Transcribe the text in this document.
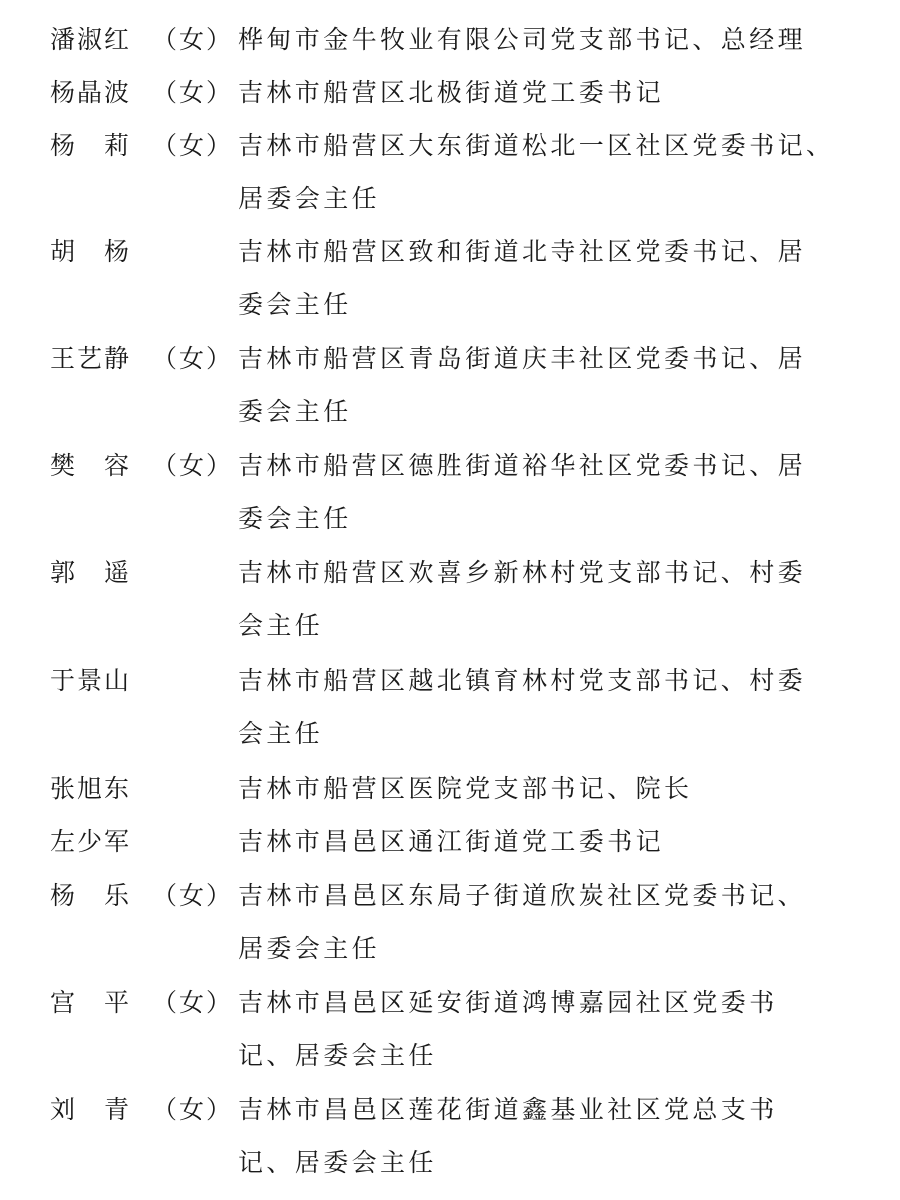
潘淑红 （女） 桦甸市金牛牧业有限公司党支部书记、总经理
杨晶波 （女） 吉林市船营区北极街道党工委书记
杨　莉 （女） 吉林市船营区大东街道松北一区社区党委书记、
居委会主任
胡　杨	吉林市船营区致和街道北寺社区党委书记、居
委会主任
王艺静 （女） 吉林市船营区青岛街道庆丰社区党委书记、居
委会主任
樊　容 （女） 吉林市船营区德胜街道裕华社区党委书记、居
委会主任
郭　遥	吉林市船营区欢喜乡新林村党支部书记、村委
会主任
于景山	吉林市船营区越北镇育林村党支部书记、村委
会主任
张旭东	吉林市船营区医院党支部书记、院长
左少军	吉林市昌邑区通江街道党工委书记
杨　乐 （女） 吉林市昌邑区东局子街道欣炭社区党委书记、
居委会主任
宫　平 （女） 吉林市昌邑区延安街道鸿博嘉园社区党委书
记、居委会主任
刘　青 （女） 吉林市昌邑区莲花街道鑫基业社区党总支书
记、居委会主任
